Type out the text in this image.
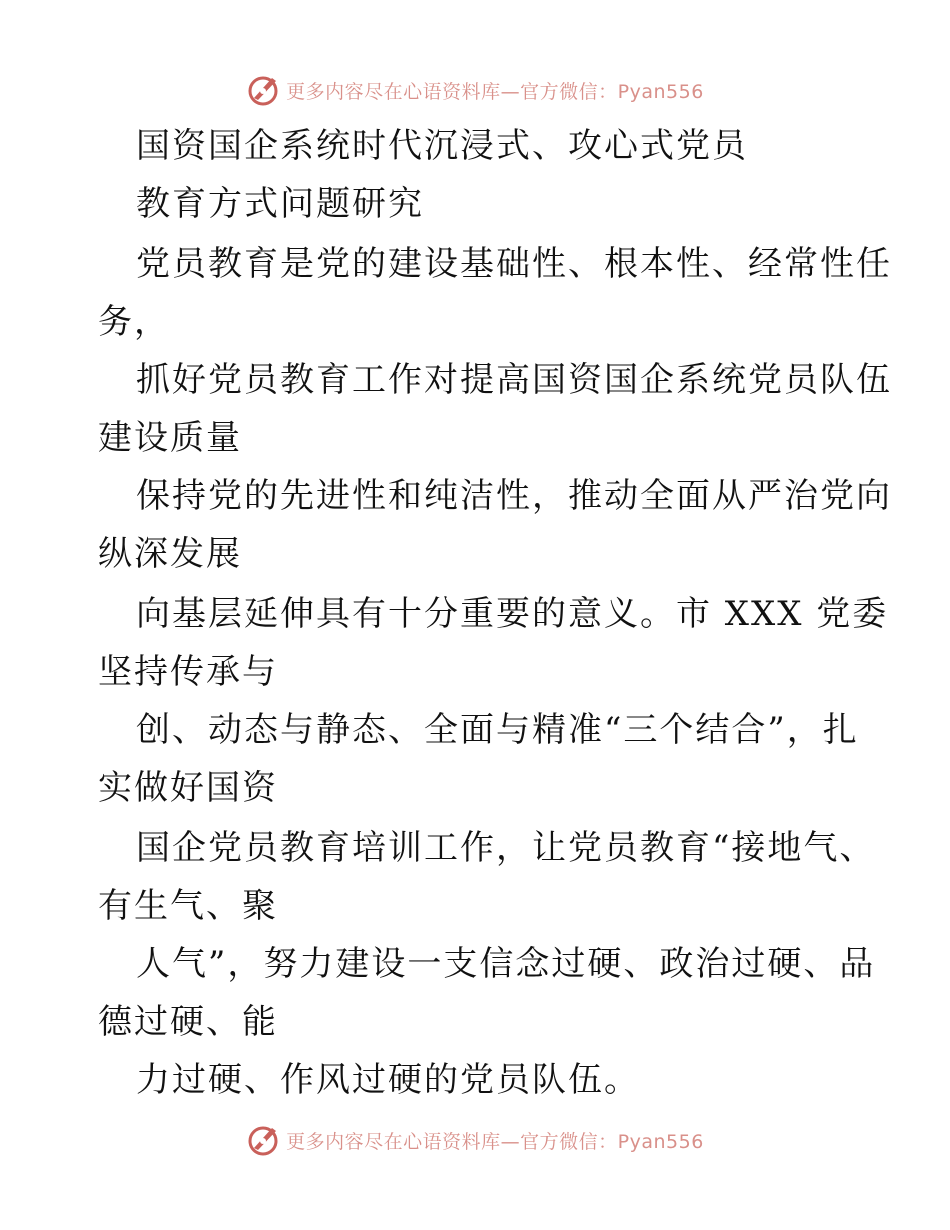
更多内容尽在心语资料库—官方微信：Pyan556
国资国企系统时代沉浸式、攻心式党员
教育方式问题研究
党员教育是党的建设基础性、根本性、经常性任
务，
抓好党员教育工作对提高国资国企系统党员队伍
建设质量
保持党的先进性和纯洁性，推动全面从严治党向
纵深发展
向基层延伸具有十分重要的意义。市 XXX 党委
坚持传承与
创、动态与静态、全面与精准“三个结合”，扎
实做好国资
国企党员教育培训工作，让党员教育“接地气、
有生气、聚
人气”，努力建设一支信念过硬、政治过硬、品
德过硬、能
力过硬、作风过硬的党员队伍。
更多内容尽在心语资料库—官方微信：Pyan556
